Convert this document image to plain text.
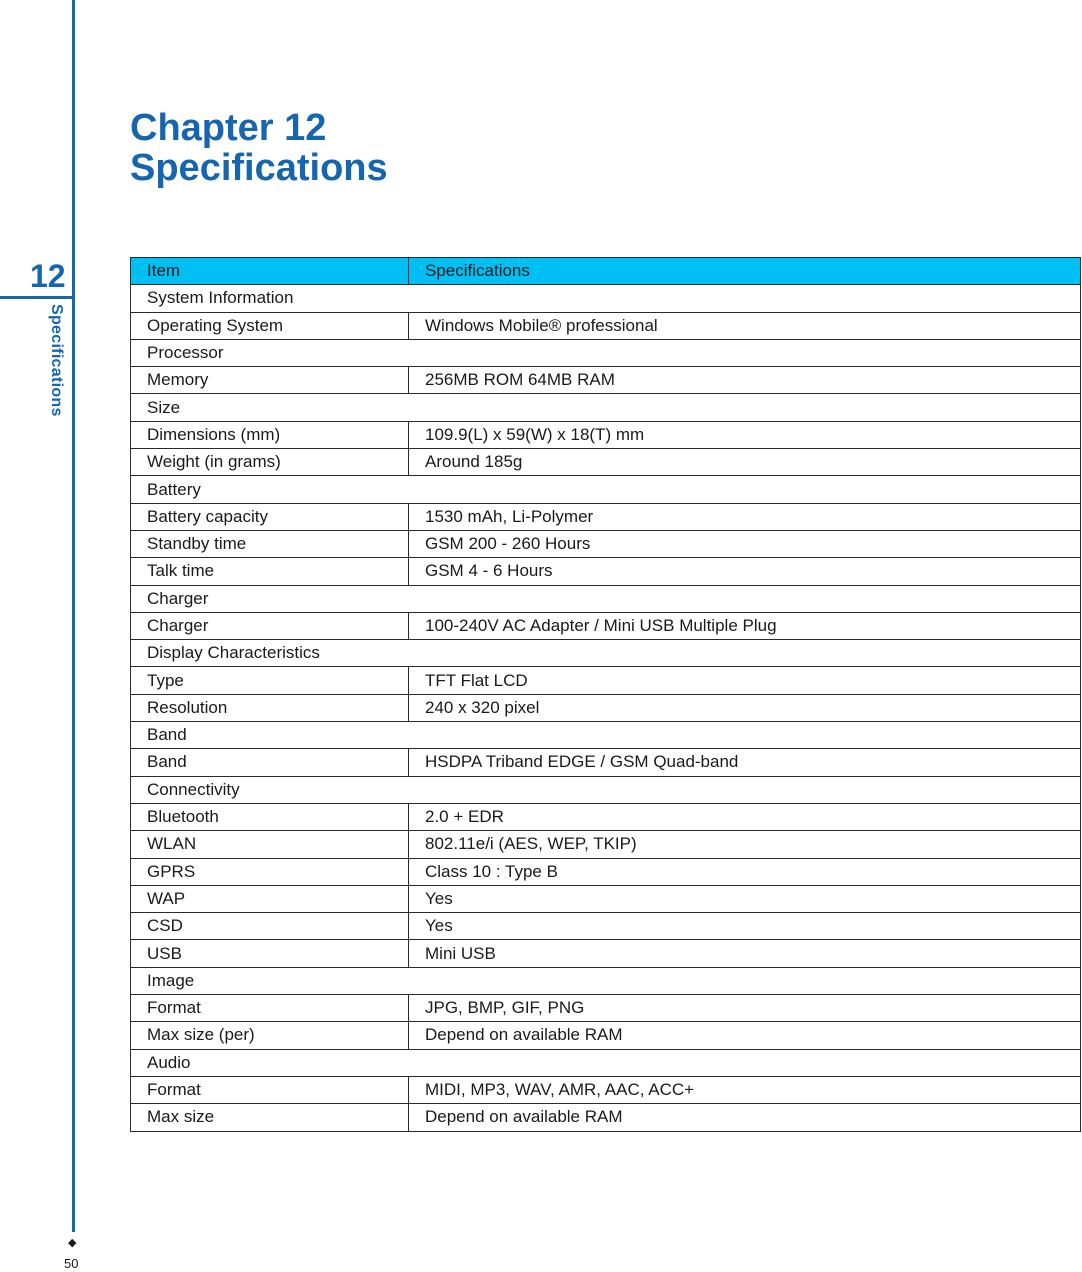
12
Specifications
◆
50
Chapter 12
Specifications
Item	Specifications
System Information	
Operating System	Windows Mobile® professional
Processor	
Memory	256MB ROM 64MB RAM
Size	
Dimensions (mm)	109.9(L) x 59(W) x 18(T) mm
Weight (in grams)	Around 185g
Battery	
Battery capacity	1530 mAh, Li-Polymer
Standby time	GSM 200 - 260 Hours
Talk time	GSM 4 - 6 Hours
Charger	
Charger	100-240V AC Adapter / Mini USB Multiple Plug
Display Characteristics	
Type	TFT Flat LCD
Resolution	240 x 320 pixel
Band	
Band	HSDPA Triband EDGE / GSM Quad-band
Connectivity	
Bluetooth	2.0 + EDR
WLAN	802.11e/i (AES, WEP, TKIP)
GPRS	Class 10 : Type B
WAP	Yes
CSD	Yes
USB	Mini USB
Image	
Format	JPG, BMP, GIF, PNG
Max size (per)	Depend on available RAM
Audio	
Format	MIDI, MP3, WAV, AMR, AAC, ACC+
Max size	Depend on available RAM
